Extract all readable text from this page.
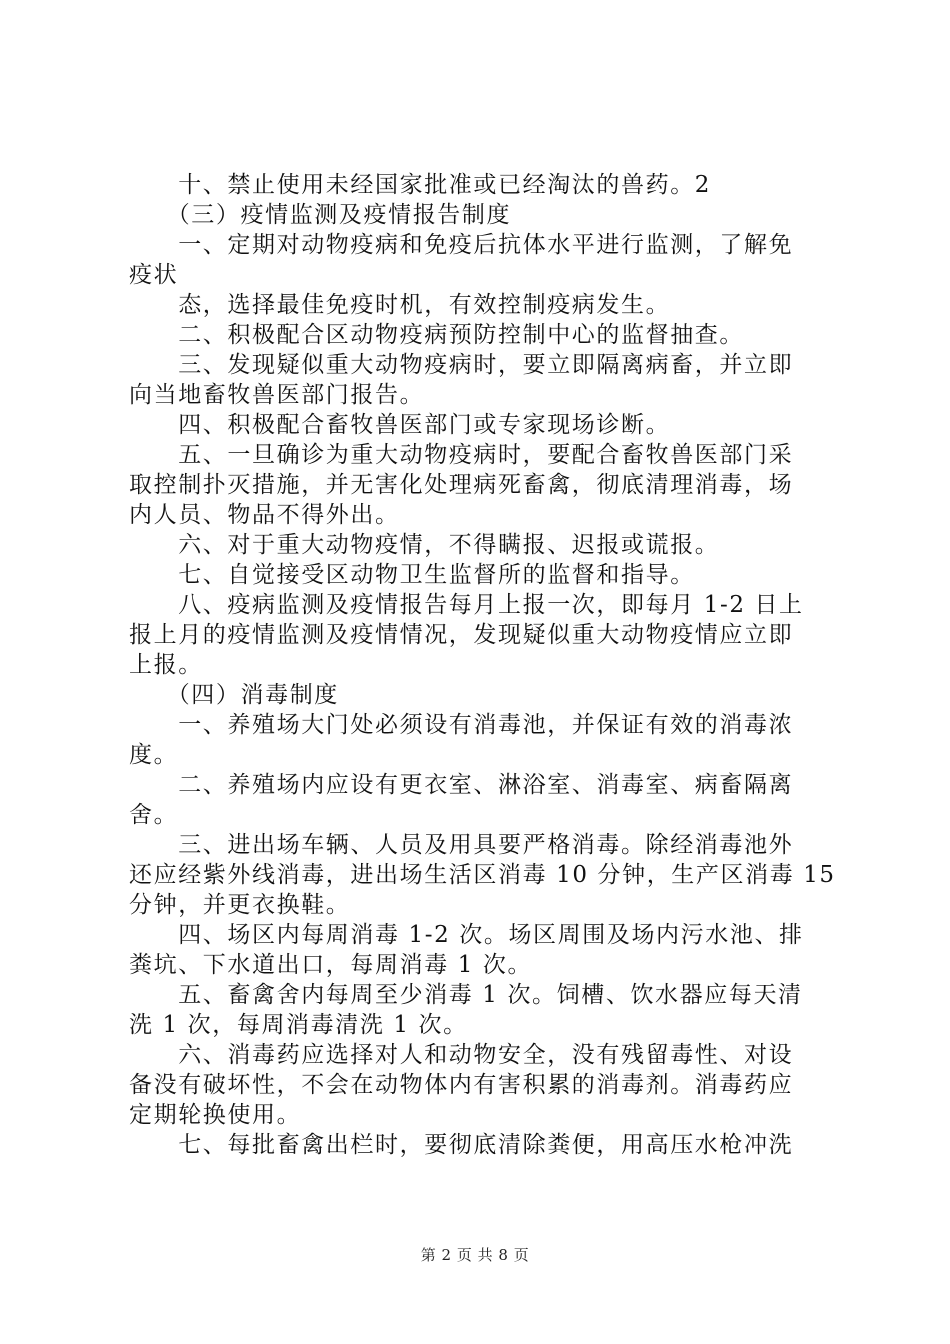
　　十、禁止使用未经国家批准或已经淘汰的兽药。2
　　（三）疫情监测及疫情报告制度
　　一、定期对动物疫病和免疫后抗体水平进行监测，了解免
疫状
　　态，选择最佳免疫时机，有效控制疫病发生。
　　二、积极配合区动物疫病预防控制中心的监督抽查。
　　三、发现疑似重大动物疫病时，要立即隔离病畜，并立即
向当地畜牧兽医部门报告。
　　四、积极配合畜牧兽医部门或专家现场诊断。
　　五、一旦确诊为重大动物疫病时，要配合畜牧兽医部门采
取控制扑灭措施，并无害化处理病死畜禽，彻底清理消毒，场
内人员、物品不得外出。
　　六、对于重大动物疫情，不得瞒报、迟报或谎报。
　　七、自觉接受区动物卫生监督所的监督和指导。
　　八、疫病监测及疫情报告每月上报一次，即每月 1-2 日上
报上月的疫情监测及疫情情况，发现疑似重大动物疫情应立即
上报。
　　（四）消毒制度
　　一、养殖场大门处必须设有消毒池，并保证有效的消毒浓
度。
　　二、养殖场内应设有更衣室、淋浴室、消毒室、病畜隔离
舍。
　　三、进出场车辆、人员及用具要严格消毒。除经消毒池外
还应经紫外线消毒，进出场生活区消毒 10 分钟，生产区消毒 15
分钟，并更衣换鞋。
　　四、场区内每周消毒 1-2 次。场区周围及场内污水池、排
粪坑、下水道出口，每周消毒 1 次。
　　五、畜禽舍内每周至少消毒 1 次。饲槽、饮水器应每天清
洗 1 次，每周消毒清洗 1 次。
　　六、消毒药应选择对人和动物安全，没有残留毒性、对设
备没有破坏性，不会在动物体内有害积累的消毒剂。消毒药应
定期轮换使用。
　　七、每批畜禽出栏时，要彻底清除粪便，用高压水枪冲洗
第 2 页 共 8 页
